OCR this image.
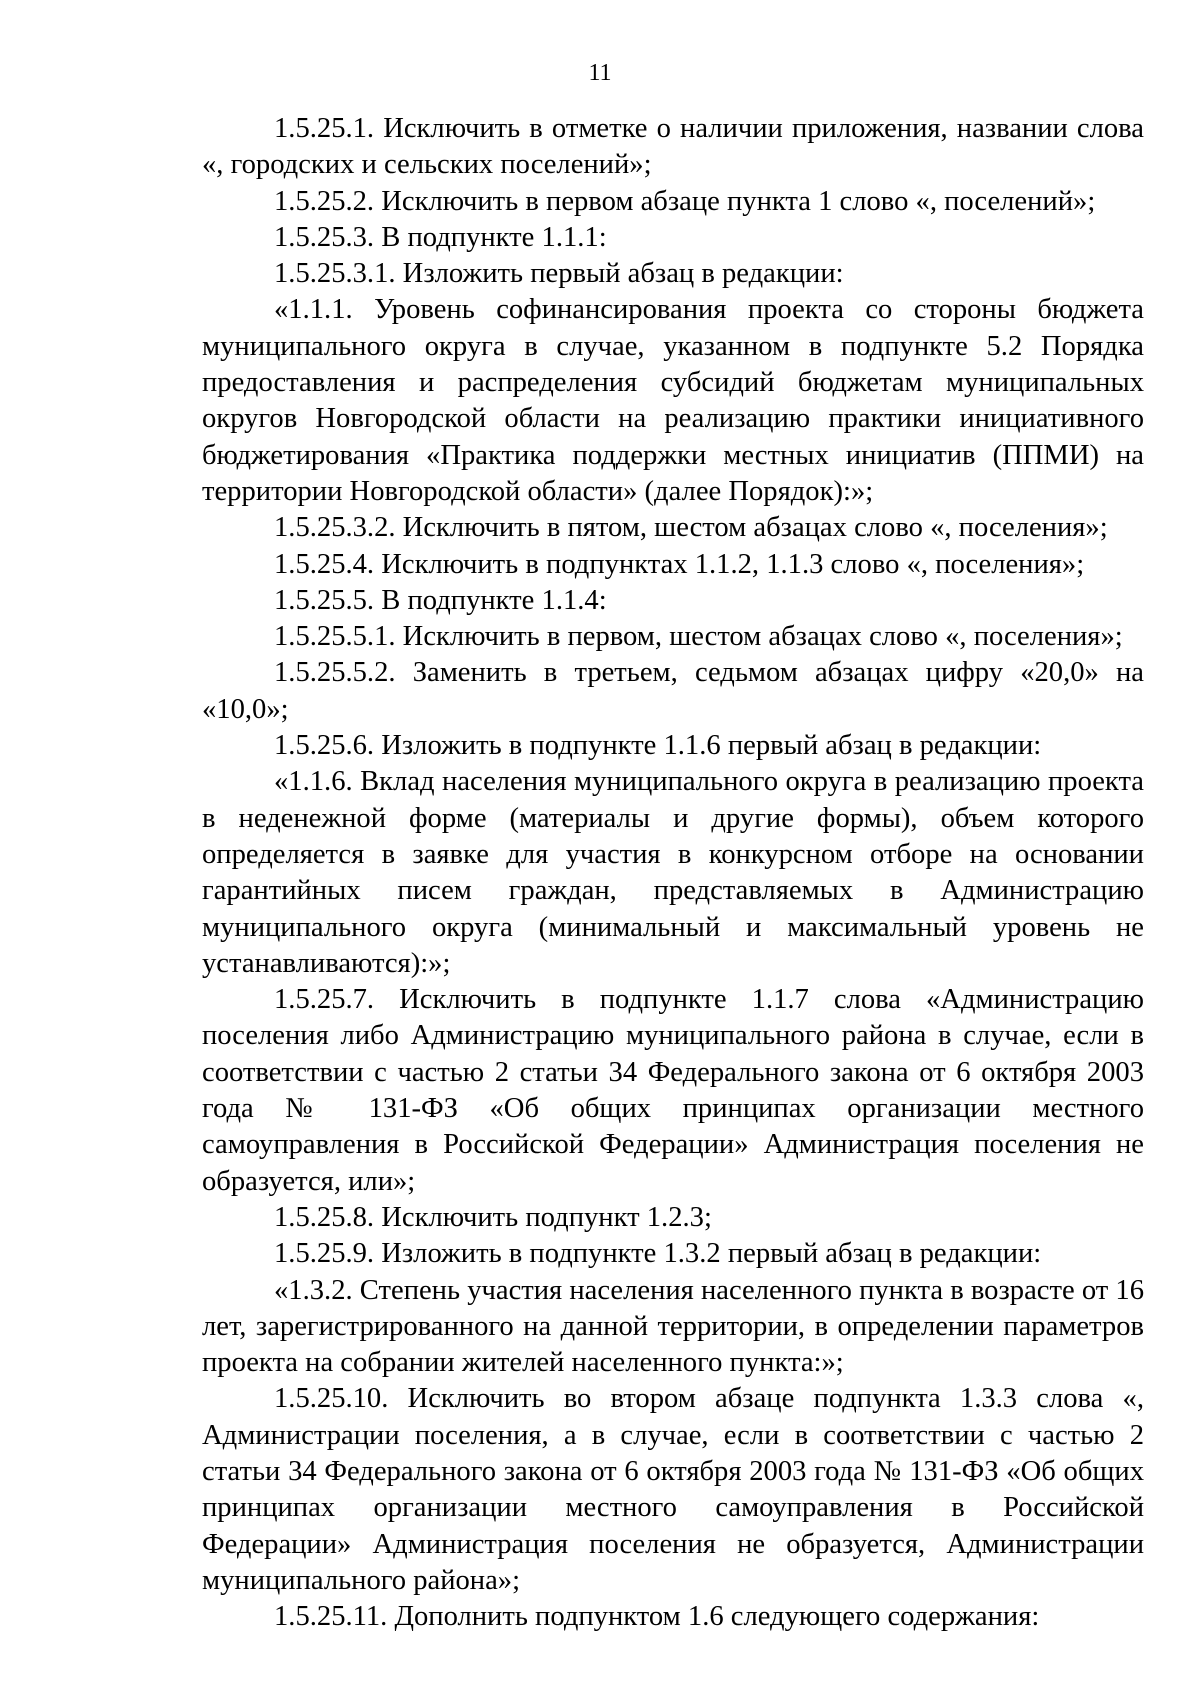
11

1.5.25.1. Исключить в отметке о наличии приложения, названии слова «, городских и сельских поселений»;

1.5.25.2. Исключить в первом абзаце пункта 1 слово «, поселений»;

1.5.25.3. В подпункте 1.1.1:

1.5.25.3.1. Изложить первый абзац в редакции:

«1.1.1. Уровень софинансирования проекта со стороны бюджета муниципального округа в случае, указанном в подпункте 5.2 Порядка предоставления и распределения субсидий бюджетам муниципальных округов Новгородской области на реализацию практики инициативного бюджетирования «Практика поддержки местных инициатив (ППМИ) на территории Новгородской области» (далее Порядок):»;

1.5.25.3.2. Исключить в пятом, шестом абзацах слово «, поселения»;

1.5.25.4. Исключить в подпунктах 1.1.2, 1.1.3 слово «, поселения»;

1.5.25.5. В подпункте 1.1.4:

1.5.25.5.1. Исключить в первом, шестом абзацах слово «, поселения»;

1.5.25.5.2. Заменить в третьем, седьмом абзацах цифру «20,0» на «10,0»;

1.5.25.6. Изложить в подпункте 1.1.6 первый абзац в редакции:

«1.1.6. Вклад населения муниципального округа в реализацию проекта в неденежной форме (материалы и другие формы), объем которого определяется в заявке для участия в конкурсном отборе на основании гарантийных писем граждан, представляемых в Администрацию муниципального округа (минимальный и максимальный уровень не устанавливаются):»;

1.5.25.7. Исключить в подпункте 1.1.7 слова «Администрацию поселения либо Администрацию муниципального района в случае, если в соответствии с частью 2 статьи 34 Федерального закона от 6 октября 2003 года № 131-ФЗ «Об общих принципах организации местного самоуправления в Российской Федерации» Администрация поселения не образуется, или»;

1.5.25.8. Исключить подпункт 1.2.3;

1.5.25.9. Изложить в подпункте 1.3.2 первый абзац в редакции:

«1.3.2. Степень участия населения населенного пункта в возрасте от 16 лет, зарегистрированного на данной территории, в определении параметров проекта на собрании жителей населенного пункта:»;

1.5.25.10. Исключить во втором абзаце подпункта 1.3.3 слова «, Администрации поселения, а в случае, если в соответствии с частью 2 статьи 34 Федерального закона от 6 октября 2003 года № 131-ФЗ «Об общих принципах организации местного самоуправления в Российской Федерации» Администрация поселения не образуется, Администрации муниципального района»;

1.5.25.11. Дополнить подпунктом 1.6 следующего содержания:
